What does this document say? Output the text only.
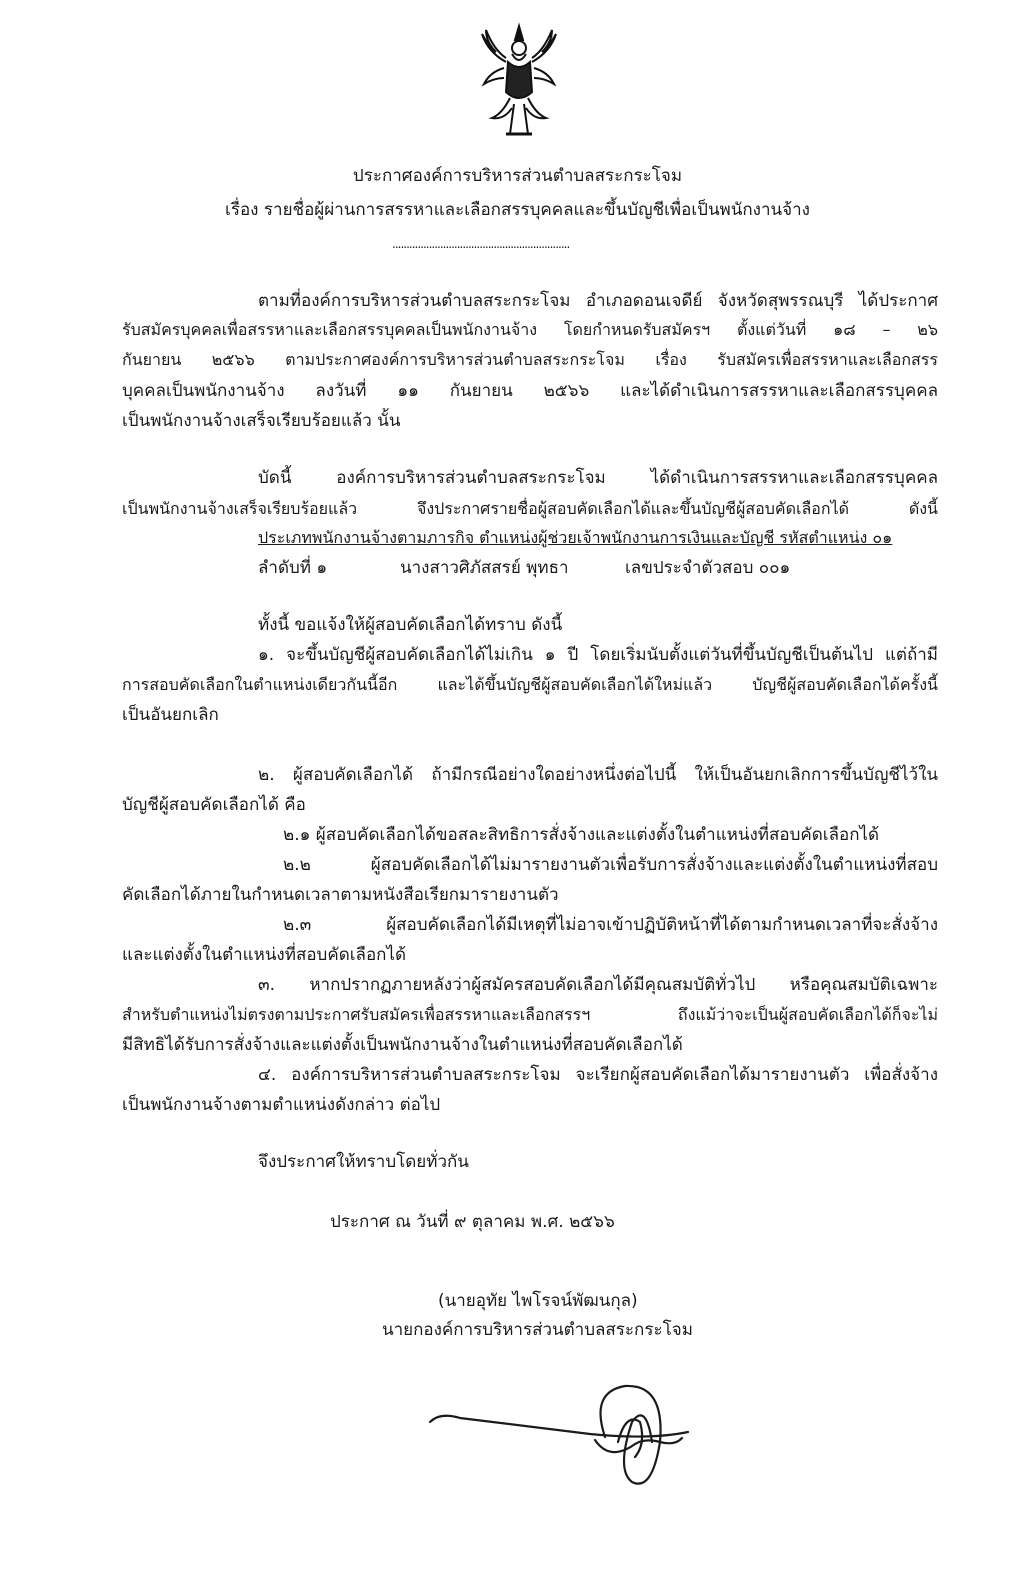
ประกาศองค์การบริหารส่วนตำบลสระกระโจม
เรื่อง รายชื่อผู้ผ่านการสรรหาและเลือกสรรบุคคลและขึ้นบัญชีเพื่อเป็นพนักงานจ้าง
...............................................................
ตามที่องค์การบริหารส่วนตำบลสระกระโจม อำเภอดอนเจดีย์ จังหวัดสุพรรณบุรี ได้ประกาศ
รับสมัครบุคคลเพื่อสรรหาและเลือกสรรบุคคลเป็นพนักงานจ้าง โดยกำหนดรับสมัครฯ ตั้งแต่วันที่ ๑๘ – ๒๖
กันยายน ๒๕๖๖ ตามประกาศองค์การบริหารส่วนตำบลสระกระโจม เรื่อง รับสมัครเพื่อสรรหาและเลือกสรร
บุคคลเป็นพนักงานจ้าง ลงวันที่ ๑๑ กันยายน ๒๕๖๖ และได้ดำเนินการสรรหาและเลือกสรรบุคคล
เป็นพนักงานจ้างเสร็จเรียบร้อยแล้ว นั้น
บัดนี้ องค์การบริหารส่วนตำบลสระกระโจม ได้ดำเนินการสรรหาและเลือกสรรบุคคล
เป็นพนักงานจ้างเสร็จเรียบร้อยแล้ว จึงประกาศรายชื่อผู้สอบคัดเลือกได้และขึ้นบัญชีผู้สอบคัดเลือกได้ ดังนี้
ประเภทพนักงานจ้างตามภารกิจ ตำแหน่งผู้ช่วยเจ้าพนักงานการเงินและบัญชี รหัสตำแหน่ง ๐๑
ลำดับที่ ๑	นางสาวศิภัสสรย์ พุทธา	เลขประจำตัวสอบ ๐๐๑
ทั้งนี้ ขอแจ้งให้ผู้สอบคัดเลือกได้ทราบ ดังนี้
๑. จะขึ้นบัญชีผู้สอบคัดเลือกได้ไม่เกิน ๑ ปี โดยเริ่มนับตั้งแต่วันที่ขึ้นบัญชีเป็นต้นไป แต่ถ้ามี
การสอบคัดเลือกในตำแหน่งเดียวกันนี้อีก และได้ขึ้นบัญชีผู้สอบคัดเลือกได้ใหม่แล้ว บัญชีผู้สอบคัดเลือกได้ครั้งนี้
เป็นอันยกเลิก
๒. ผู้สอบคัดเลือกได้ ถ้ามีกรณีอย่างใดอย่างหนึ่งต่อไปนี้ ให้เป็นอันยกเลิกการขึ้นบัญชีไว้ใน
บัญชีผู้สอบคัดเลือกได้ คือ
๒.๑ ผู้สอบคัดเลือกได้ขอสละสิทธิการสั่งจ้างและแต่งตั้งในตำแหน่งที่สอบคัดเลือกได้
๒.๒ ผู้สอบคัดเลือกได้ไม่มารายงานตัวเพื่อรับการสั่งจ้างและแต่งตั้งในตำแหน่งที่สอบ
คัดเลือกได้ภายในกำหนดเวลาตามหนังสือเรียกมารายงานตัว
๒.๓ ผู้สอบคัดเลือกได้มีเหตุที่ไม่อาจเข้าปฏิบัติหน้าที่ได้ตามกำหนดเวลาที่จะสั่งจ้าง
และแต่งตั้งในตำแหน่งที่สอบคัดเลือกได้
๓. หากปรากฏภายหลังว่าผู้สมัครสอบคัดเลือกได้มีคุณสมบัติทั่วไป หรือคุณสมบัติเฉพาะ
สำหรับตำแหน่งไม่ตรงตามประกาศรับสมัครเพื่อสรรหาและเลือกสรรฯ ถึงแม้ว่าจะเป็นผู้สอบคัดเลือกได้ก็จะไม่
มีสิทธิได้รับการสั่งจ้างและแต่งตั้งเป็นพนักงานจ้างในตำแหน่งที่สอบคัดเลือกได้
๔. องค์การบริหารส่วนตำบลสระกระโจม จะเรียกผู้สอบคัดเลือกได้มารายงานตัว เพื่อสั่งจ้าง
เป็นพนักงานจ้างตามตำแหน่งดังกล่าว ต่อไป
จึงประกาศให้ทราบโดยทั่วกัน
ประกาศ ณ วันที่ ๙ ตุลาคม พ.ศ. ๒๕๖๖
(นายอุทัย ไพโรจน์พัฒนกุล)
นายกองค์การบริหารส่วนตำบลสระกระโจม
